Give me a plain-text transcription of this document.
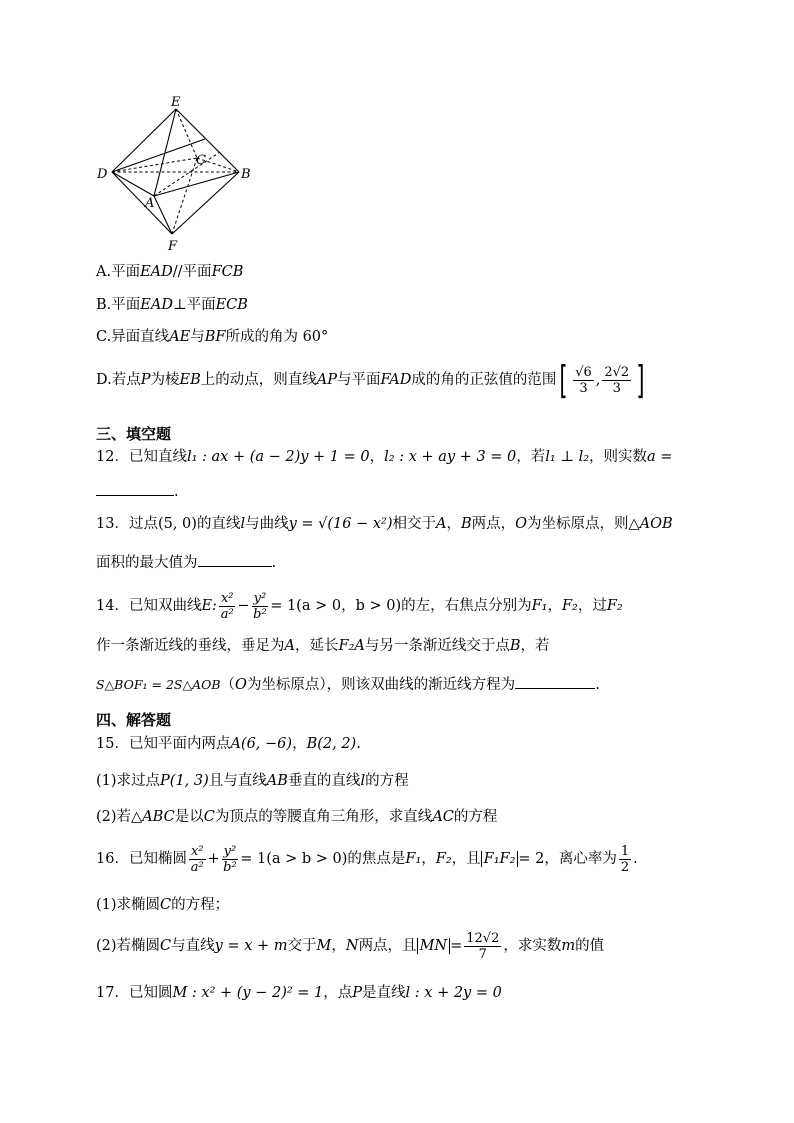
E
C
D	B
A
F
A.平面EAD//平面FCB
B.平面EAD⊥平面ECB
C.异面直线AE与BF所成的角为 60°
D.若点P为棱EB上的动点，则直线AP与平面FAD成的角的正弦值的范围[ $\frac{√6}{3}$ , $\frac{2√2}{3}$ ]
三、填空题
12．已知直线l₁ : ax + (a − 2)y + 1 = 0，l₂ : x + ay + 3 = 0，若l₁ ⊥ l₂，则实数a =
.
13．过点(5, 0)的直线l与曲线y = √(16 − x²)相交于A，B两点，O为坐标原点，则△AOB
面积的最大值为	.
14．已知双曲线E: $\frac{\text{x²}}{\text{a²}} - \frac{\text{y²}}{\text{b²}} = 1(a > 0$，b > 0)的左，右焦点分别为F₁，F₂，过F₂
作一条渐近线的垂线，垂足为A，延长F₂A与另一条渐近线交于点B，若
S△BOF₁ = 2S△AOB（O为坐标原点），则该双曲线的渐近线方程为	.
四、解答题
15．已知平面内两点A(6, −6)，B(2, 2).
(1)求过点P(1, 3)且与直线AB垂直的直线l的方程
(2)若△ABC是以C为顶点的等腰直角三角形，求直线AC的方程
16．已知椭圆 $\frac{\text{x²}}{\text{a²}} + \frac{\text{y²}}{\text{b²}} = 1(a > b > 0)$的焦点是F₁，F₂，且 F₁F₂ = 2，离心率为 $\frac{1}{2}$ .
(1)求椭圆C的方程；
(2)若椭圆C与直线y = x + m交于M，N两点，且 MN = $\frac{12√2}{7}$ ，求实数m的值
17．已知圆M : x² + (y − 2)² = 1，点P是直线l : x + 2y = 0
